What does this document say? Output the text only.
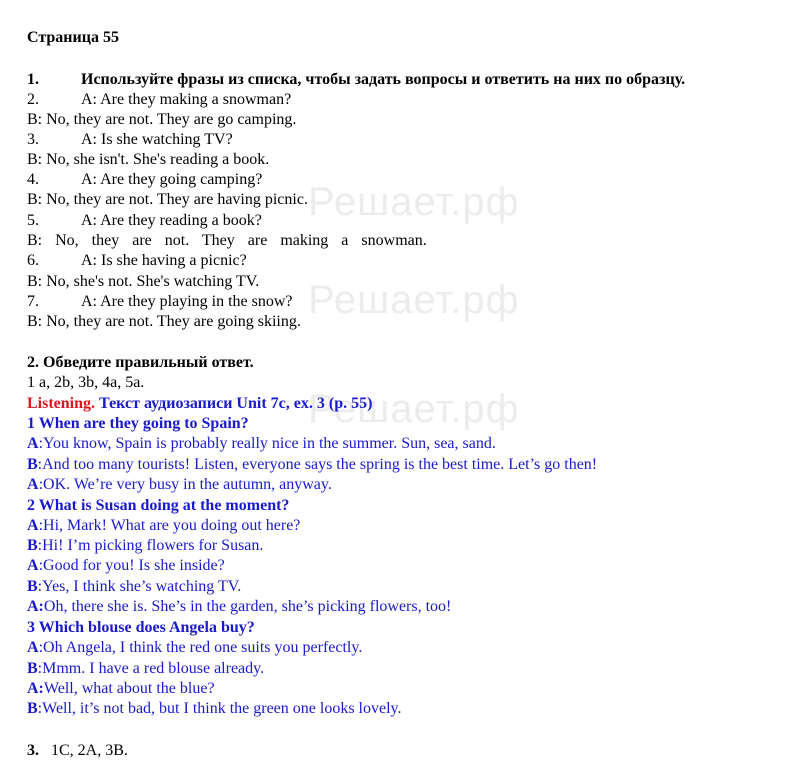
Решает.рф
Решает.рф
Решает.рф
Страница 55
1.	Используйте фразы из списка, чтобы задать вопросы и ответить на них по образцу.
2.	A: Are they making a snowman?
B: No, they are not. They are go camping.
3.	A: Is she watching TV?
B: No, she isn't. She's reading a book.
4.	A: Are they going camping?
B: No, they are not. They are having picnic.
5.	A: Are they reading a book?
B: No, they are not. They are making a snowman.
6.	A: Is she having a picnic?
B: No, she's not. She's watching TV.
7.	A: Are they playing in the snow?
B: No, they are not. They are going skiing.
2. Обведите правильный ответ.
1 a, 2b, 3b, 4a, 5a.
Listening. Текст аудиозаписи Unit 7c, ex. 3 (p. 55)
1 When are they going to Spain?
A:You know, Spain is probably really nice in the summer. Sun, sea, sand.
B:And too many tourists! Listen, everyone says the spring is the best time. Let’s go then!
A:OK. We’re very busy in the autumn, anyway.
2 What is Susan doing at the moment?
A:Hi, Mark! What are you doing out here?
B:Hi! I’m picking flowers for Susan.
A:Good for you! Is she inside?
B:Yes, I think she’s watching TV.
A:Oh, there she is. She’s in the garden, she’s picking flowers, too!
3 Which blouse does Angela buy?
A:Oh Angela, I think the red one suits you perfectly.
B:Mmm. I have a red blouse already.
A:Well, what about the blue?
B:Well, it’s not bad, but I think the green one looks lovely.
3. 1C, 2A, 3B.
